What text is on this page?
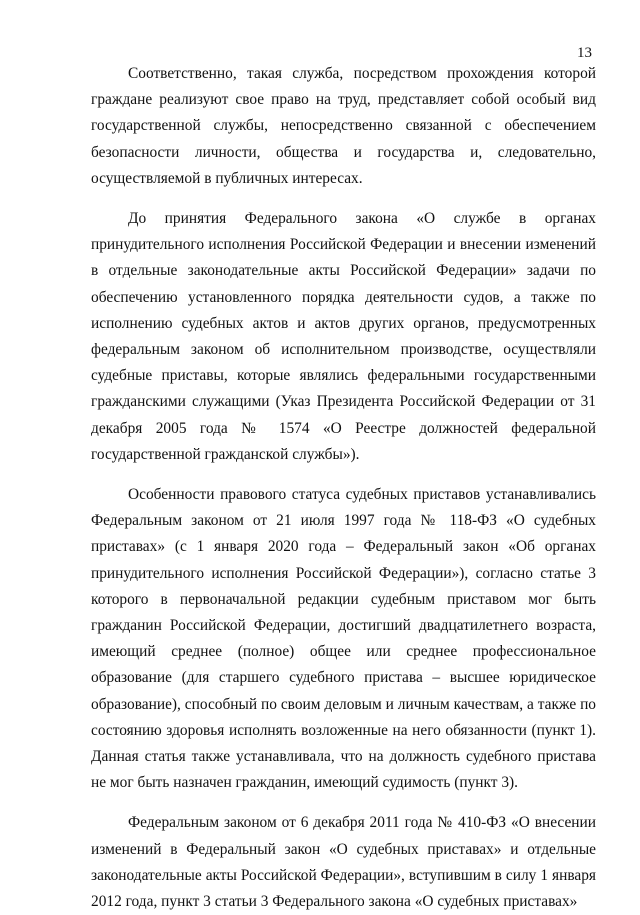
13

Соответственно, такая служба, посредством прохождения которой граждане реализуют свое право на труд, представляет собой особый вид государственной службы, непосредственно связанной с обеспечением безопасности личности, общества и государства и, следовательно, осуществляемой в публичных интересах.

До принятия Федерального закона «О службе в органах принудительного исполнения Российской Федерации и внесении изменений в отдельные законодательные акты Российской Федерации» задачи по обеспечению установленного порядка деятельности судов, а также по исполнению судебных актов и актов других органов, предусмотренных федеральным законом об исполнительном производстве, осуществляли судебные приставы, которые являлись федеральными государственными гражданскими служащими (Указ Президента Российской Федерации от 31 декабря 2005 года № 1574 «О Реестре должностей федеральной государственной гражданской службы»).

Особенности правового статуса судебных приставов устанавливались Федеральным законом от 21 июля 1997 года № 118-ФЗ «О судебных приставах» (с 1 января 2020 года – Федеральный закон «Об органах принудительного исполнения Российской Федерации»), согласно статье 3 которого в первоначальной редакции судебным приставом мог быть гражданин Российской Федерации, достигший двадцатилетнего возраста, имеющий среднее (полное) общее или среднее профессиональное образование (для старшего судебного пристава – высшее юридическое образование), способный по своим деловым и личным качествам, а также по состоянию здоровья исполнять возложенные на него обязанности (пункт 1). Данная статья также устанавливала, что на должность судебного пристава не мог быть назначен гражданин, имеющий судимость (пункт 3).

Федеральным законом от 6 декабря 2011 года № 410-ФЗ «О внесении изменений в Федеральный закон «О судебных приставах» и отдельные законодательные акты Российской Федерации», вступившим в силу 1 января 2012 года, пункт 3 статьи 3 Федерального закона «О судебных приставах»
